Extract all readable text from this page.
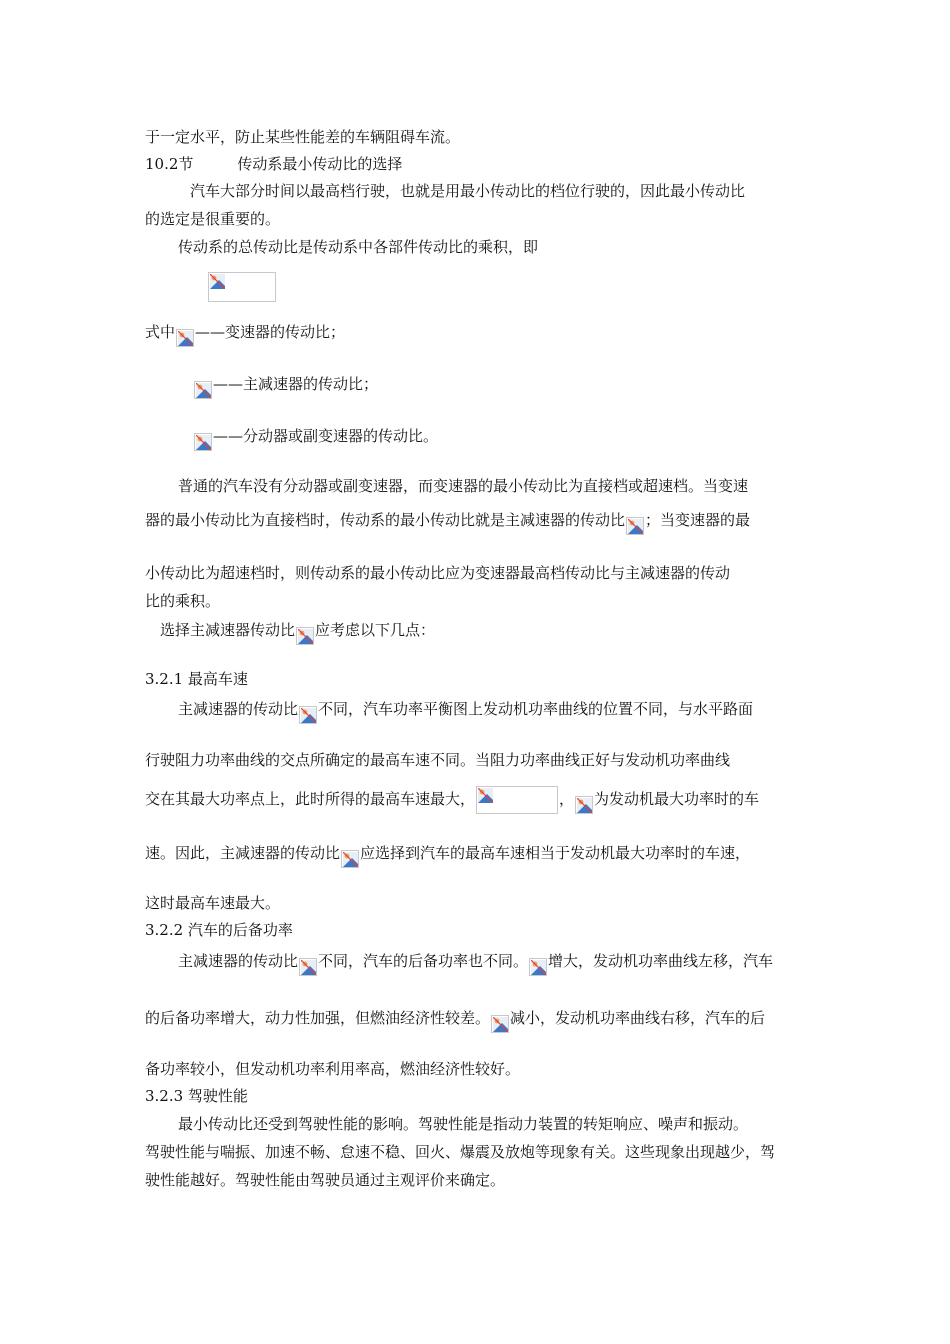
于一定水平，防止某些性能差的车辆阻碍车流。
10.2节	传动系最小传动比的选择
汽车大部分时间以最高档行驶，也就是用最小传动比的档位行驶的，因此最小传动比
的选定是很重要的。
传动系的总传动比是传动系中各部件传动比的乘积，即
式中 ——变速器的传动比；
——主减速器的传动比；
——分动器或副变速器的传动比。
普通的汽车没有分动器或副变速器，而变速器的最小传动比为直接档或超速档。当变速
器的最小传动比为直接档时，传动系的最小传动比就是主减速器的传动比 ；当变速器的最
小传动比为超速档时，则传动系的最小传动比应为变速器最高档传动比与主减速器的传动
比的乘积。
选择主减速器传动比 应考虑以下几点：
3.2.1 最高车速
主减速器的传动比 不同，汽车功率平衡图上发动机功率曲线的位置不同，与水平路面
行驶阻力功率曲线的交点所确定的最高车速不同。当阻力功率曲线正好与发动机功率曲线
交在其最大功率点上，此时所得的最高车速最大，	， 为发动机最大功率时的车
速。因此，主减速器的传动比 应选择到汽车的最高车速相当于发动机最大功率时的车速，
这时最高车速最大。
3.2.2 汽车的后备功率
主减速器的传动比 不同，汽车的后备功率也不同。 增大，发动机功率曲线左移，汽车
的后备功率增大，动力性加强，但燃油经济性较差。 减小，发动机功率曲线右移，汽车的后
备功率较小，但发动机功率利用率高，燃油经济性较好。
3.2.3 驾驶性能
最小传动比还受到驾驶性能的影响。驾驶性能是指动力装置的转矩响应、噪声和振动。
驾驶性能与喘振、加速不畅、怠速不稳、回火、爆震及放炮等现象有关。这些现象出现越少，驾
驶性能越好。驾驶性能由驾驶员通过主观评价来确定。
